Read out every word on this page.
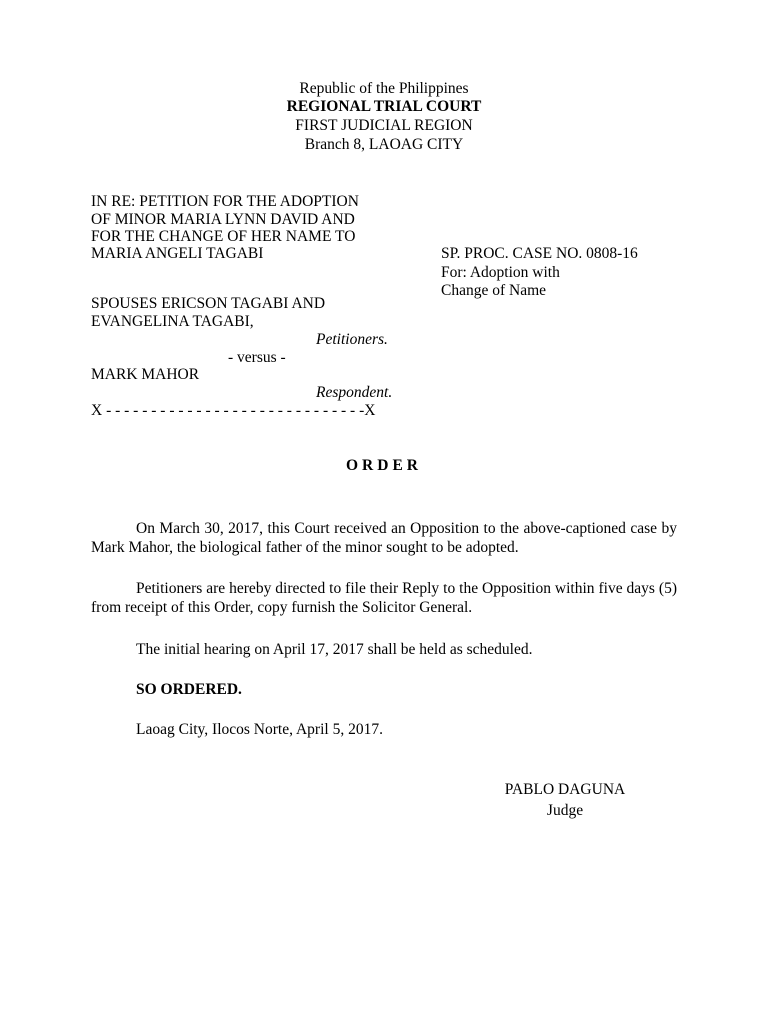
Republic of the Philippines
REGIONAL TRIAL COURT
FIRST JUDICIAL REGION
Branch 8, LAOAG CITY
IN RE: PETITION FOR THE ADOPTION
OF MINOR MARIA LYNN DAVID AND
FOR THE CHANGE OF HER NAME TO
MARIA ANGELI TAGABI	SP. PROC. CASE NO. 0808-16
For: Adoption with
Change of Name
SPOUSES ERICSON TAGABI AND
EVANGELINA TAGABI,
Petitioners.
- versus -
MARK MAHOR
Respondent.
X - - - - - - - - - - - - - - - - - - - - - - - - - - - - -X
ORDER
On March 30, 2017, this Court received an Opposition to the above-captioned case by Mark Mahor, the biological father of the minor sought to be adopted.
Petitioners are hereby directed to file their Reply to the Opposition within five days (5) from receipt of this Order, copy furnish the Solicitor General.
The initial hearing on April 17, 2017 shall be held as scheduled.
SO ORDERED.
Laoag City, Ilocos Norte, April 5, 2017.
PABLO DAGUNA
Judge
